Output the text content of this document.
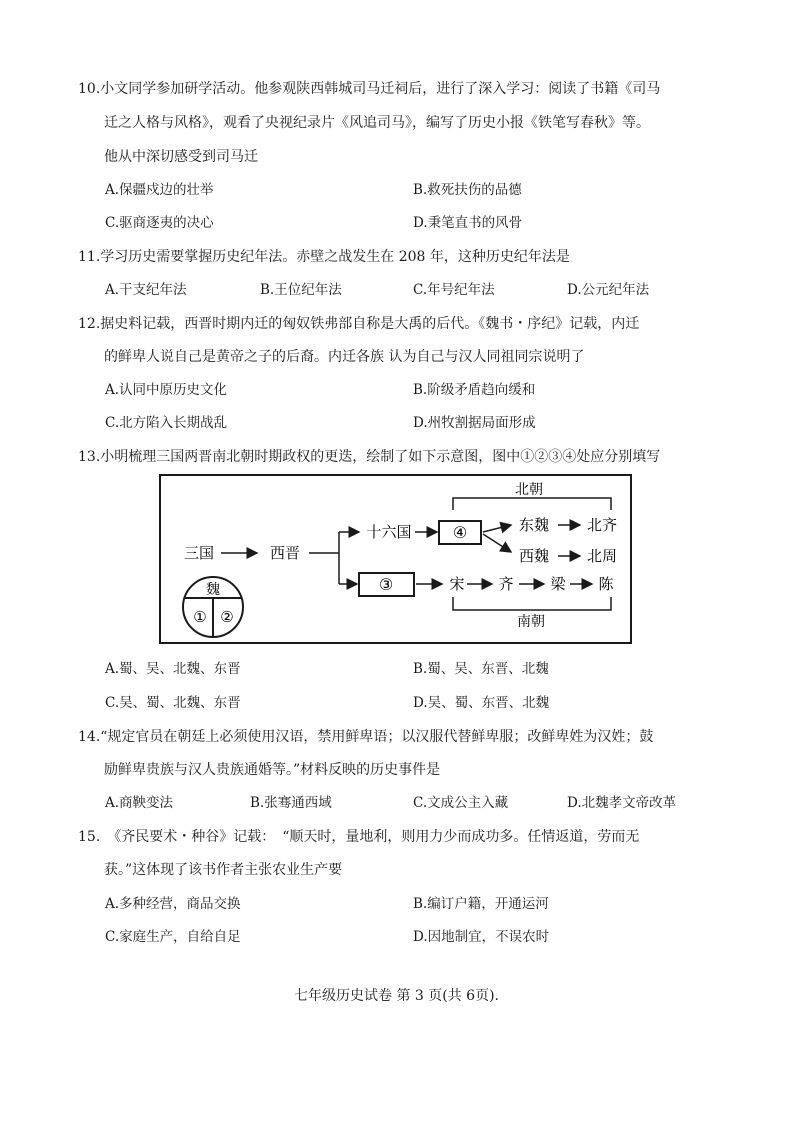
10.小文同学参加研学活动。他参观陕西韩城司马迁祠后，进行了深入学习：阅读了书籍《司马
迁之人格与风格》，观看了央视纪录片《风追司马》，编写了历史小报《铁笔写春秋》等。
他从中深切感受到司马迁
A.保疆戍边的壮举	B.救死扶伤的品德
C.驱商逐夷的决心	D.秉笔直书的风骨
11.学习历史需要掌握历史纪年法。赤壁之战发生在 208 年，这种历史纪年法是
A.干支纪年法	B.王位纪年法	C.年号纪年法	D.公元纪年法
12.据史料记载，西晋时期内迁的匈奴铁弗部自称是大禹的后代。《魏书・序纪》记载，内迁
的鲜卑人说自己是黄帝之子的后裔。内迁各族 认为自己与汉人同祖同宗说明了
A.认同中原历史文化	B.阶级矛盾趋向缓和
C.北方陷入长期战乱	D.州牧割据局面形成
13.小明梳理三国两晋南北朝时期政权的更迭，绘制了如下示意图，图中①②③④处应分别填写
北朝
南朝
三国	西晋
十六国	④	东魏	北齐
西魏	北周
③	宋 齐 梁 陈
魏
① ②
A.蜀、吴、北魏、东晋	B.蜀、吴、东晋、北魏
C.吴、蜀、北魏、东晋	D.吴、蜀、东晋、北魏
14.“规定官员在朝廷上必须使用汉语，禁用鲜卑语；以汉服代替鲜卑服；改鲜卑姓为汉姓；鼓
励鲜卑贵族与汉人贵族通婚等。”材料反映的历史事件是
A.商鞅变法	B.张骞通西域	C.文成公主入藏	D.北魏孝文帝改革
15.　《齐民要术・种谷》记载：　“顺天时，量地利，则用力少而成功多。任情返道，劳而无
获。”这体现了该书作者主张农业生产要
A.多种经营，商品交换	B.编订户籍，开通运河
C.家庭生产，自给自足	D.因地制宜，不误农时
七年级历史试卷 第 3 页(共 6页).
